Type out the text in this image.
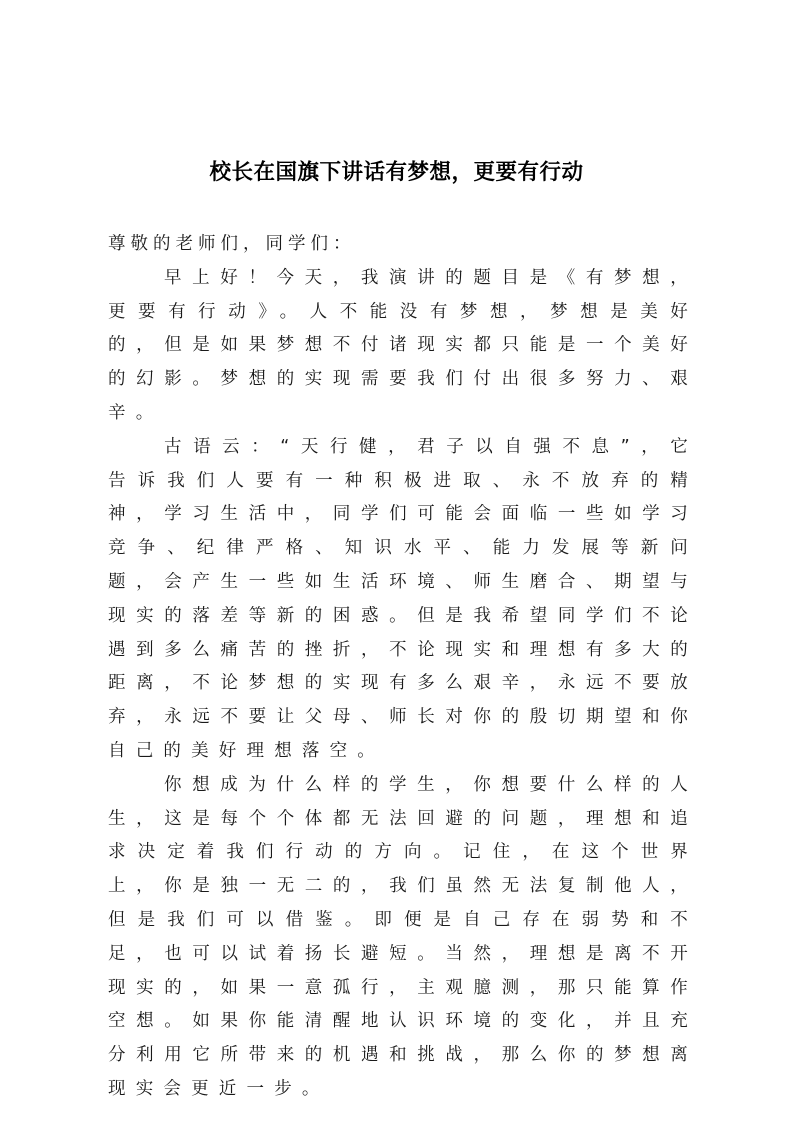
校长在国旗下讲话有梦想，更要有行动

尊敬的老师们，同学们：

早上好！今天，我演讲的题目是《有梦想，更要有行动》。人不能没有梦想，梦想是美好的，但是如果梦想不付诸现实都只能是一个美好的幻影。梦想的实现需要我们付出很多努力、艰辛。

古语云：“天行健，君子以自强不息”，它告诉我们人要有一种积极进取、永不放弃的精神，学习生活中，同学们可能会面临一些如学习竞争、纪律严格、知识水平、能力发展等新问题，会产生一些如生活环境、师生磨合、期望与现实的落差等新的困惑。但是我希望同学们不论遇到多么痛苦的挫折，不论现实和理想有多大的距离，不论梦想的实现有多么艰辛，永远不要放弃，永远不要让父母、师长对你的殷切期望和你自己的美好理想落空。

你想成为什么样的学生，你想要什么样的人生，这是每个个体都无法回避的问题，理想和追求决定着我们行动的方向。记住，在这个世界上，你是独一无二的，我们虽然无法复制他人，但是我们可以借鉴。即便是自己存在弱势和不足，也可以试着扬长避短。当然，理想是离不开现实的，如果一意孤行，主观臆测，那只能算作空想。如果你能清醒地认识环境的变化，并且充分利用它所带来的机遇和挑战，那么你的梦想离现实会更近一步。
